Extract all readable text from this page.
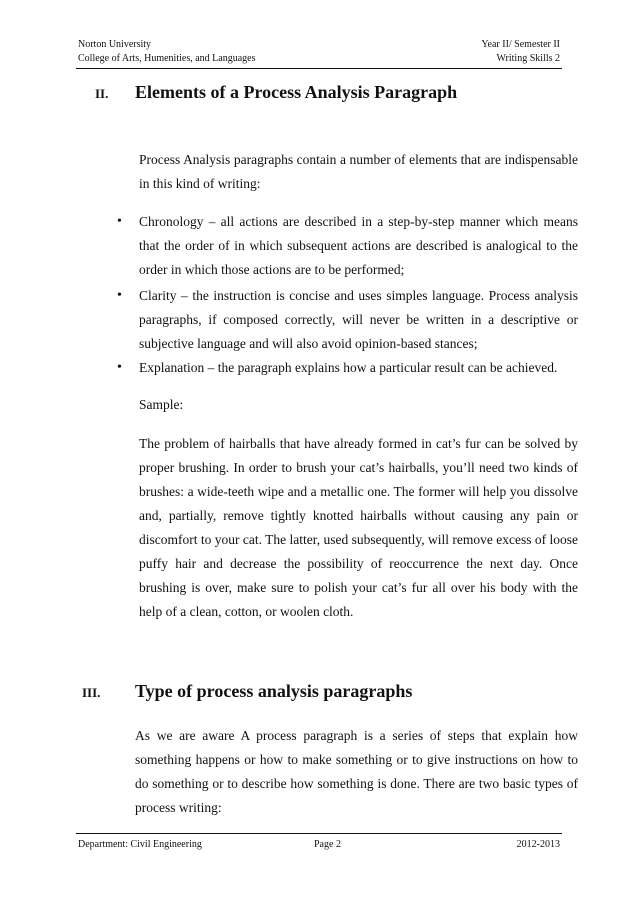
Norton University
College of Arts, Humenities, and Languages
Year II/ Semester II
Writing Skills 2
II.	Elements of a Process Analysis Paragraph
Process Analysis paragraphs contain a number of elements that are indispensable in this kind of writing:
•	Chronology – all actions are described in a step-by-step manner which means that the order of in which subsequent actions are described is analogical to the order in which those actions are to be performed;
•	Clarity – the instruction is concise and uses simples language. Process analysis paragraphs, if composed correctly, will never be written in a descriptive or subjective language and will also avoid opinion-based stances;
•	Explanation – the paragraph explains how a particular result can be achieved.
Sample:
The problem of hairballs that have already formed in cat’s fur can be solved by proper brushing. In order to brush your cat’s hairballs, you’ll need two kinds of brushes: a wide-teeth wipe and a metallic one. The former will help you dissolve and, partially, remove tightly knotted hairballs without causing any pain or discomfort to your cat. The latter, used subsequently, will remove excess of loose puffy hair and decrease the possibility of reoccurrence the next day. Once brushing is over, make sure to polish your cat’s fur all over his body with the help of a clean, cotton, or woolen cloth.
III.	Type of process analysis paragraphs
As we are aware A process paragraph is a series of steps that explain how something happens or how to make something or to give instructions on how to do something or to describe how something is done. There are two basic types of process writing:
Department: Civil Engineering	Page 2	2012-2013
